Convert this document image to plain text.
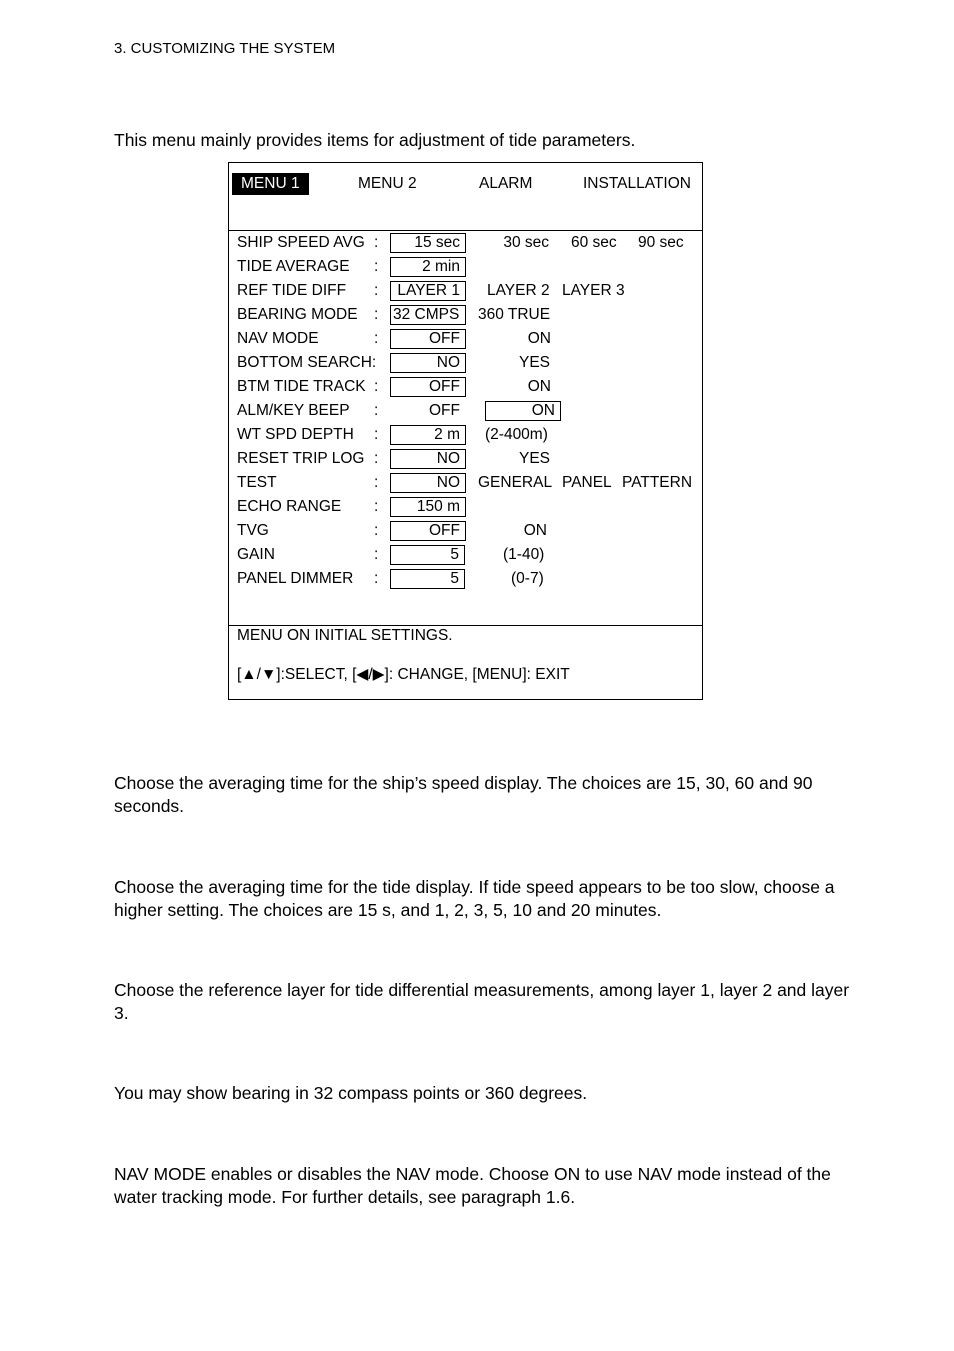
3. CUSTOMIZING THE SYSTEM
This menu mainly provides items for adjustment of tide parameters.
MENU 1	MENU 2	ALARM	INSTALLATION
SHIP SPEED AVG :	15 sec	30 sec 60 sec 90 sec
TIDE AVERAGE :	2 min
REF TIDE DIFF :	LAYER 1	LAYER 2 LAYER 3
BEARING MODE : 32 CMPS	360 TRUE
NAV MODE	:	OFF	ON
BOTTOM SEARCH:	NO	YES
BTM TIDE TRACK :	OFF	ON
ALM/KEY BEEP :	OFF	ON
WT SPD DEPTH :	2 m	(2-400m)
RESET TRIP LOG :	NO	YES
TEST	:	NO	GENERAL PANEL PATTERN
ECHO RANGE :	150 m
TVG	:	OFF	ON
GAIN	:	5	(1-40)
PANEL DIMMER :	5	(0-7)
MENU ON INITIAL SETTINGS.
[▲/▼]:SELECT, [◀/▶]: CHANGE, [MENU]: EXIT
Choose the averaging time for the ship’s speed display. The choices are 15, 30, 60 and 90 seconds.
Choose the averaging time for the tide display. If tide speed appears to be too slow, choose a higher setting. The choices are 15 s, and 1, 2, 3, 5, 10 and 20 minutes.
Choose the reference layer for tide differential measurements, among layer 1, layer 2 and layer 3.
You may show bearing in 32 compass points or 360 degrees.
NAV MODE enables or disables the NAV mode. Choose ON to use NAV mode instead of the water tracking mode. For further details, see paragraph 1.6.
